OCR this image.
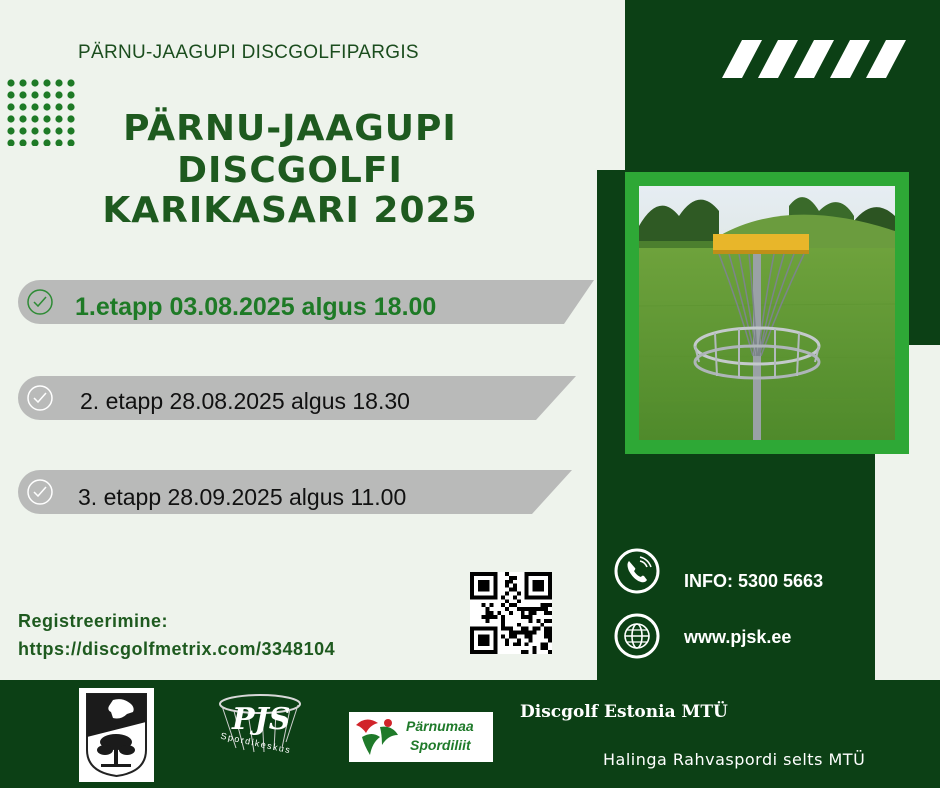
PÄRNU-JAAGUPI DISCGOLFIPARGIS
PÄRNU-JAAGUPI
DISCGOLFI
KARIKASARI 2025
1.etapp 03.08.2025 algus 18.00
2. etapp 28.08.2025 algus 18.30
3. etapp 28.09.2025 algus 11.00
INFO: 5300 5663
www.pjsk.ee
Registreerimine:
https://discgolfmetrix.com/3348104
PJS
Spordikeskus
Pärnumaa
Spordiliit
Discgolf Estonia MTÜ
Halinga Rahvaspordi selts MTÜ
